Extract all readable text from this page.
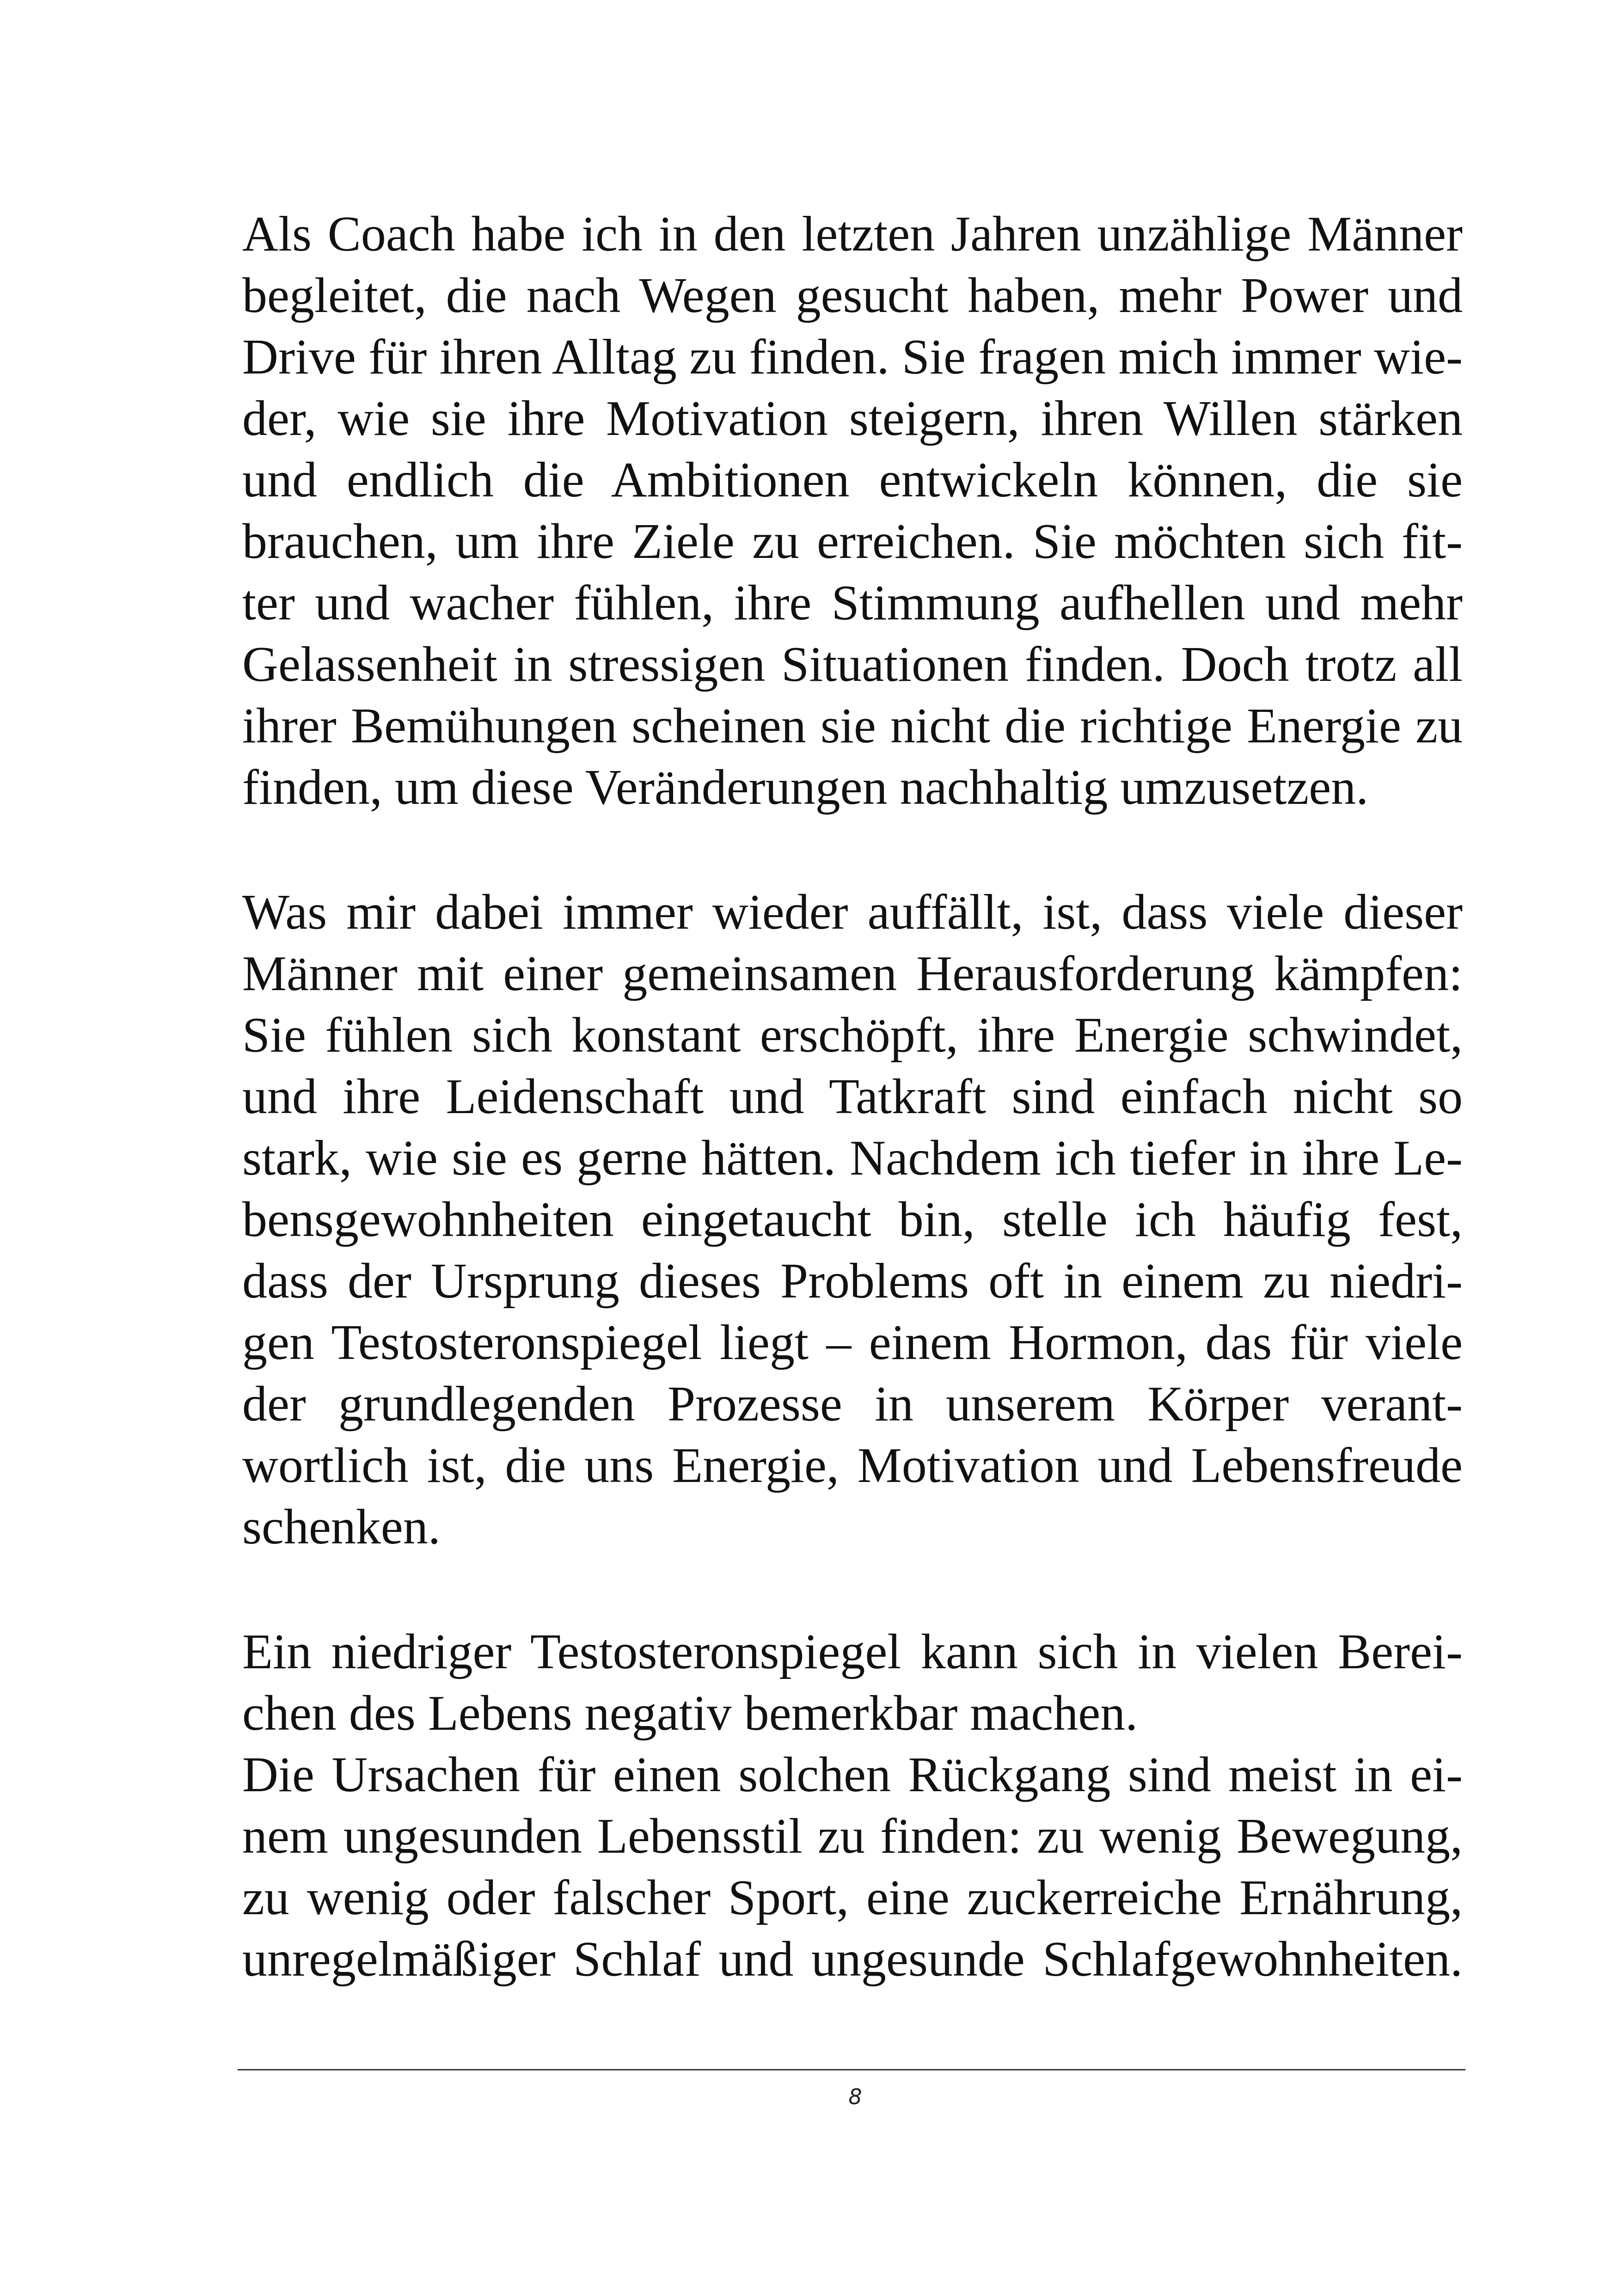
Als Coach habe ich in den letzten Jahren unzählige Männer
begleitet, die nach Wegen gesucht haben, mehr Power und
Drive für ihren Alltag zu finden. Sie fragen mich immer wie-
der, wie sie ihre Motivation steigern, ihren Willen stärken
und endlich die Ambitionen entwickeln können, die sie
brauchen, um ihre Ziele zu erreichen. Sie möchten sich fit-
ter und wacher fühlen, ihre Stimmung aufhellen und mehr
Gelassenheit in stressigen Situationen finden. Doch trotz all
ihrer Bemühungen scheinen sie nicht die richtige Energie zu
finden, um diese Veränderungen nachhaltig umzusetzen.
Was mir dabei immer wieder auffällt, ist, dass viele dieser
Männer mit einer gemeinsamen Herausforderung kämpfen:
Sie fühlen sich konstant erschöpft, ihre Energie schwindet,
und ihre Leidenschaft und Tatkraft sind einfach nicht so
stark, wie sie es gerne hätten. Nachdem ich tiefer in ihre Le-
bensgewohnheiten eingetaucht bin, stelle ich häufig fest,
dass der Ursprung dieses Problems oft in einem zu niedri-
gen Testosteronspiegel liegt – einem Hormon, das für viele
der grundlegenden Prozesse in unserem Körper verant-
wortlich ist, die uns Energie, Motivation und Lebensfreude
schenken.
Ein niedriger Testosteronspiegel kann sich in vielen Berei-
chen des Lebens negativ bemerkbar machen.
Die Ursachen für einen solchen Rückgang sind meist in ei-
nem ungesunden Lebensstil zu finden: zu wenig Bewegung,
zu wenig oder falscher Sport, eine zuckerreiche Ernährung,
unregelmäßiger Schlaf und ungesunde Schlafgewohnheiten.
8
